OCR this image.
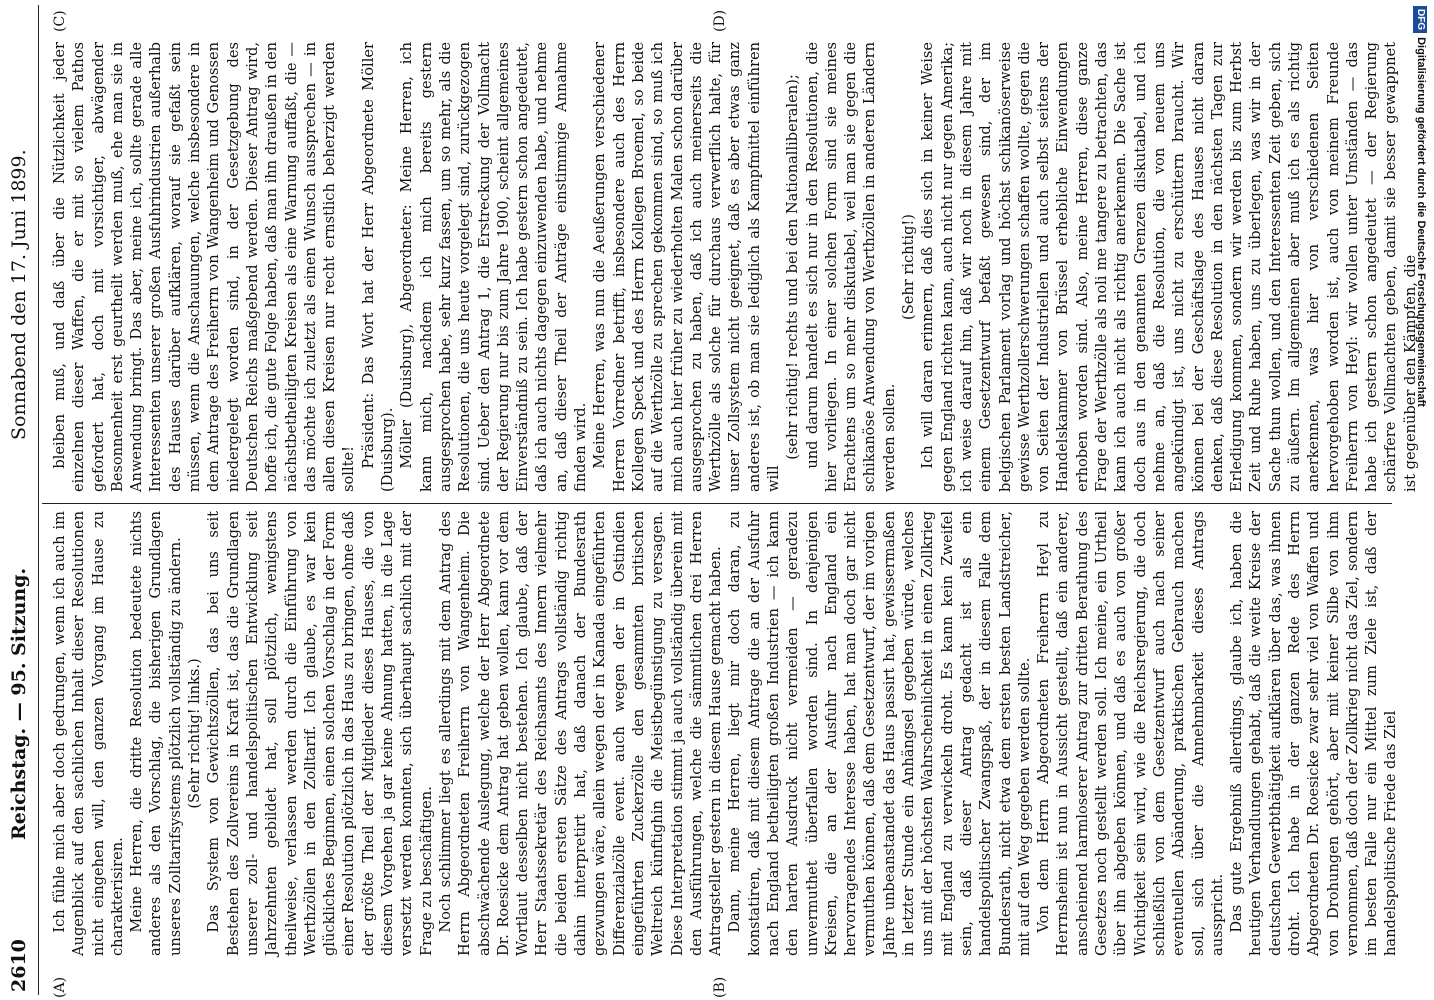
2610
Reichstag. — 95. Sitzung.
Sonnabend den 17. Juni 1899.
(A)	(B)
(C)	(D)

Ich fühle mich aber doch gedrungen, wenn ich auch im Augenblick auf den sachlichen Inhalt dieser Resolutionen nicht eingehen will, den ganzen Vorgang im Hause zu charakterisiren. Meine Herren, die dritte Resolution bedeutete nichts anderes als den Vorschlag, die bisherigen Grundlagen unseres Zolltarifsystems plötzlich vollständig zu ändern. (Sehr richtig! links.) Das System von Gewichtszöllen, das bei uns seit Bestehen des Zollvereins in Kraft ist, das die Grundlagen unserer zoll- und handelspolitischen Entwicklung seit Jahrzehnten gebildet hat, soll plötzlich, wenigstens theilweise, verlassen werden durch die Einführung von Werthzöllen in den Zolltarif. Ich glaube, es war kein glückliches Beginnen, einen solchen Vorschlag in der Form einer Resolution plötzlich in das Haus zu bringen, ohne daß der größte Theil der Mitglieder dieses Hauses, die von diesem Vorgehen ja gar keine Ahnung hatten, in die Lage versetzt werden konnten, sich überhaupt sachlich mit der Frage zu beschäftigen. Noch schlimmer liegt es allerdings mit dem Antrag des Herrn Abgeordneten Freiherrn von Wangenheim. Die abschwächende Auslegung, welche der Herr Abgeordnete Dr. Roesicke dem Antrag hat geben wollen, kann vor dem Wortlaut desselben nicht bestehen. Ich glaube, daß der Herr Staatssekretär des Reichsamts des Innern vielmehr die beiden ersten Sätze des Antrags vollständig richtig dahin interpretirt hat, daß danach der Bundesrath gezwungen wäre, allein wegen der in Kanada eingeführten Differenzialzölle event. auch wegen der in Ostindien eingeführten Zuckerzölle den gesammten britischen Weltreich künftighin die Meistbegünstigung zu versagen. Diese Interpretation stimmt ja auch vollständig überein mit den Ausführungen, welche die sämmtlichen drei Herren Antragsteller gestern in diesem Hause gemacht haben. Dann, meine Herren, liegt mir doch daran, zu konstatiren, daß mit diesem Antrage die an der Ausfuhr nach England betheiligten großen Industrien — ich kann den harten Ausdruck nicht vermeiden — geradezu unvermuthet überfallen worden sind. In denjenigen Kreisen, die an der Ausfuhr nach England ein hervorragendes Interesse haben, hat man doch gar nicht vermuthen können, daß dem Gesetzentwurf, der im vorigen Jahre unbeanstandet das Haus passirt hat, gewissermaßen in letzter Stunde ein Anhängsel gegeben würde, welches uns mit der höchsten Wahrscheinlichkeit in einen Zollkrieg mit England zu verwickeln droht. Es kann kein Zweifel sein, daß dieser Antrag gedacht ist als ein handelspolitischer Zwangspaß, der in diesem Falle dem Bundesrath, nicht etwa dem ersten besten Landstreicher, mit auf den Weg gegeben werden sollte. Von dem Herrn Abgeordneten Freiherrn Heyl zu Herrnsheim ist nun in Aussicht gestellt, daß ein anderer, anscheinend harmloserer Antrag zur dritten Berathung des Gesetzes noch gestellt werden soll. Ich meine, ein Urtheil über ihn abgeben können, und daß es auch von großer Wichtigkeit sein wird, wie die Reichsregierung, die doch schließlich von dem Gesetzentwurf auch nach seiner eventuellen Abänderung, praktischen Gebrauch machen soll, sich über die Annehmbarkeit dieses Antrags ausspricht. Das gute Ergebniß allerdings, glaube ich, haben die heutigen Verhandlungen gehabt, daß die weite Kreise der deutschen Gewerbthätigkeit aufklären über das, was ihnen droht. Ich habe in der ganzen Rede des Herrn Abgeordneten Dr. Roesicke zwar sehr viel von Waffen und von Drohungen gehört, aber mit keiner Silbe von ihm vernommen, daß doch der Zollkrieg nicht das Ziel, sondern im besten Falle nur ein Mittel zum Ziele ist, daß der handelspolitische Friede das Ziel

bleiben muß, und daß über die Nützlichkeit jeder einzelnen dieser Waffen, die er mit so vielem Pathos gefordert hat, doch mit vorsichtiger, abwägender Besonnenheit erst geurtheilt werden muß, ehe man sie in Anwendung bringt. Das aber, meine ich, sollte gerade alle Interessenten unserer großen Ausfuhrindustrien außerhalb des Hauses darüber aufklären, worauf sie gefaßt sein müssen, wenn die Anschauungen, welche insbesondere in dem Antrage des Freiherrn von Wangenheim und Genossen niedergelegt worden sind, in der Gesetzgebung des Deutschen Reichs maßgebend werden. Dieser Antrag wird, hoffe ich, die gute Folge haben, daß man ihn draußen in den nächstbetheiligten Kreisen als eine Warnung auffaßt, die — das möchte ich zuletzt als einen Wunsch aussprechen — in allen diesen Kreisen nur recht ernstlich beherzigt werden sollte!

Präsident: Das Wort hat der Herr Abgeordnete Möller (Duisburg). Möller (Duisburg), Abgeordneter: Meine Herren, ich kann mich, nachdem ich mich bereits gestern ausgesprochen habe, sehr kurz fassen, um so mehr, als die Resolutionen, die uns heute vorgelegt sind, zurückgezogen sind. Ueber den Antrag 1, die Erstreckung der Vollmacht der Regierung nur bis zum Jahre 1900, scheint allgemeines Einverständniß zu sein. Ich habe gestern schon angedeutet, daß ich auch nichts dagegen einzuwenden habe, und nehme an, daß dieser Theil der Anträge einstimmige Annahme finden wird. Meine Herren, was nun die Aeußerungen verschiedener Herren Vorredner betrifft, insbesondere auch des Herrn Kollegen Speck und des Herrn Kollegen Broemel, so beide auf die Werthzölle zu sprechen gekommen sind, so muß ich mich auch hier früher zu wiederholten Malen schon darüber ausgesprochen zu haben, daß ich auch meinerseits die Werthzölle als solche für durchaus verwerflich halte, für unser Zollsystem nicht geeignet, daß es aber etwas ganz anderes ist, ob man sie lediglich als Kampfmittel einführen will

(sehr richtig! rechts und bei den Nationalliberalen); und darum handelt es sich nur in den Resolutionen, die hier vorliegen. In einer solchen Form sind sie meines Erachtens um so mehr diskutabel, weil man sie gegen die schikanöse Anwendung von Werthzöllen in anderen Ländern werden sollen.

(Sehr richtig!) Ich will daran erinnern, daß dies sich in keiner Weise gegen England richten kann, auch nicht nur gegen Amerika; ich weise darauf hin, daß wir noch in diesem Jahre mit einem Gesetzentwurf befaßt gewesen sind, der im belgischen Parlament vorlag und höchst schikanöserweise gewisse Werthzollerschwerungen schaffen wollte, gegen die von Seiten der Industriellen und auch selbst seitens der Handelskammer von Brüssel erhebliche Einwendungen erhoben worden sind. Also, meine Herren, diese ganze Frage der Werthzölle als noli me tangere zu betrachten, das kann ich auch nicht als richtig anerkennen. Die Sache ist doch aus in den genannten Grenzen diskutabel, und ich nehme an, daß die Resolution, die von neuem uns angekündigt ist, uns nicht zu erschüttern braucht. Wir können bei der Geschäftslage des Hauses nicht daran denken, daß diese Resolution in den nächsten Tagen zur Erledigung kommen, sondern wir werden bis zum Herbst Zeit und Ruhe haben, uns zu überlegen, was wir in der Sache thun wollen, und den Interessenten Zeit geben, sich zu äußern. Im allgemeinen aber muß ich es als richtig anerkennen, was hier von verschiedenen Seiten hervorgehoben worden ist, auch von meinem Freunde Freiherrn von Heyl: wir wollen unter Umständen — das habe ich gestern schon angedeutet — der Regierung schärfere Vollmachten geben, damit sie besser gewappnet ist gegenüber den Kämpfen, die

DFGDigitalisierung gefördert durch die Deutsche Forschungsgemeinschaft
